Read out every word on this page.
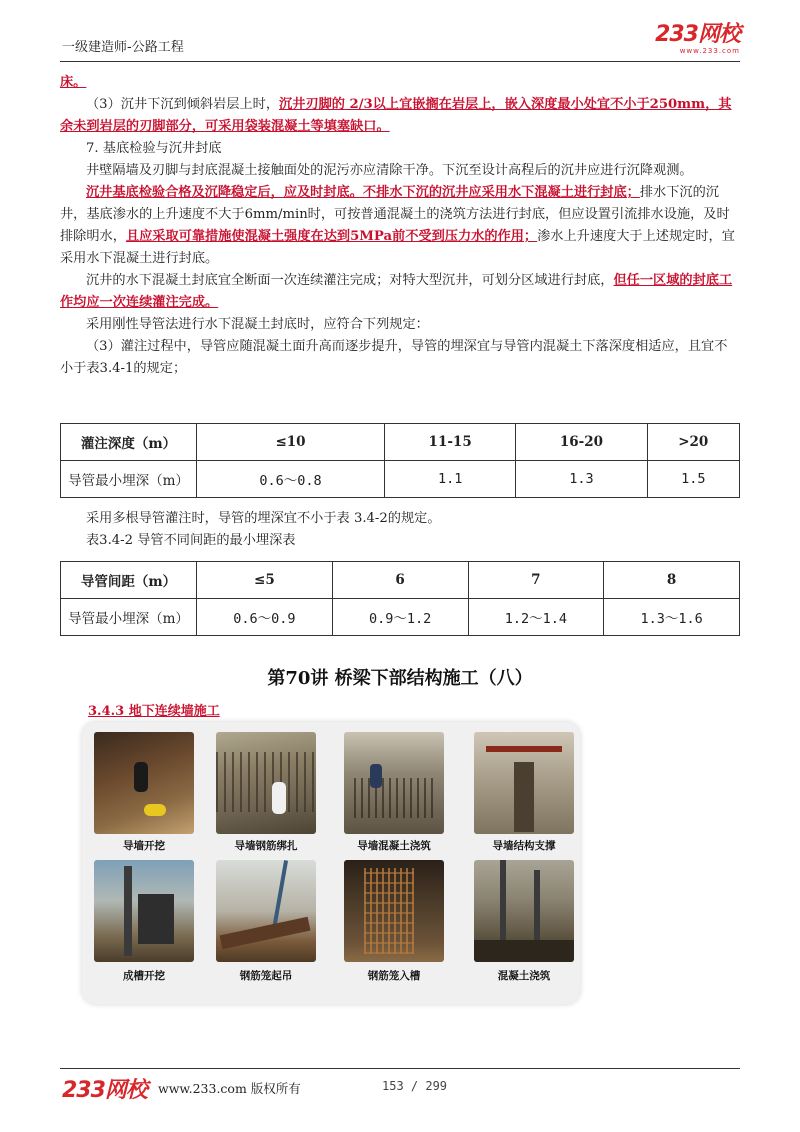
一级建造师-公路工程
233网校
www.233.com

床。

（3）沉井下沉到倾斜岩层上时，沉井刃脚的 2/3以上宜嵌搁在岩层上，嵌入深度最小处宜不小于250mm，其余未到岩层的刃脚部分，可采用袋装混凝土等填塞缺口。

7. 基底检验与沉井封底

井壁隔墙及刃脚与封底混凝土接触面处的泥污亦应清除干净。下沉至设计高程后的沉井应进行沉降观测。

沉井基底检验合格及沉降稳定后，应及时封底。不排水下沉的沉井应采用水下混凝土进行封底；排水下沉的沉井，基底渗水的上升速度不大于6mm/min时，可按普通混凝土的浇筑方法进行封底，但应设置引流排水设施，及时排除明水，且应采取可靠措施使混凝土强度在达到5MPa前不受到压力水的作用；渗水上升速度大于上述规定时，宜采用水下混凝土进行封底。

沉井的水下混凝土封底宜全断面一次连续灌注完成；对特大型沉井，可划分区域进行封底，但任一区域的封底工作均应一次连续灌注完成。

采用刚性导管法进行水下混凝土封底时，应符合下列规定：

（3）灌注过程中，导管应随混凝土面升高而逐步提升，导管的埋深宜与导管内混凝土下落深度相适应，且宜不小于表3.4-1的规定；

灌注深度（m）	≤10	11-15	16-20	>20
导管最小埋深（m）	0.6～0.8	1.1	1.3	1.5

采用多根导管灌注时，导管的埋深宜不小于表 3.4-2的规定。

表3.4-2 导管不同间距的最小埋深表

导管间距（m）	≤5	6	7	8
导管最小埋深（m）	0.6～0.9	0.9～1.2	1.2～1.4	1.3～1.6
第70讲 桥梁下部结构施工（八）
3.4.3 地下连续墙施工
导墙开挖	导墙钢筋绑扎	导墙混凝土浇筑	导墙结构支撑
成槽开挖	钢筋笼起吊	钢筋笼入槽	混凝土浇筑
233网校 www.233.com 版权所有	153 / 299
